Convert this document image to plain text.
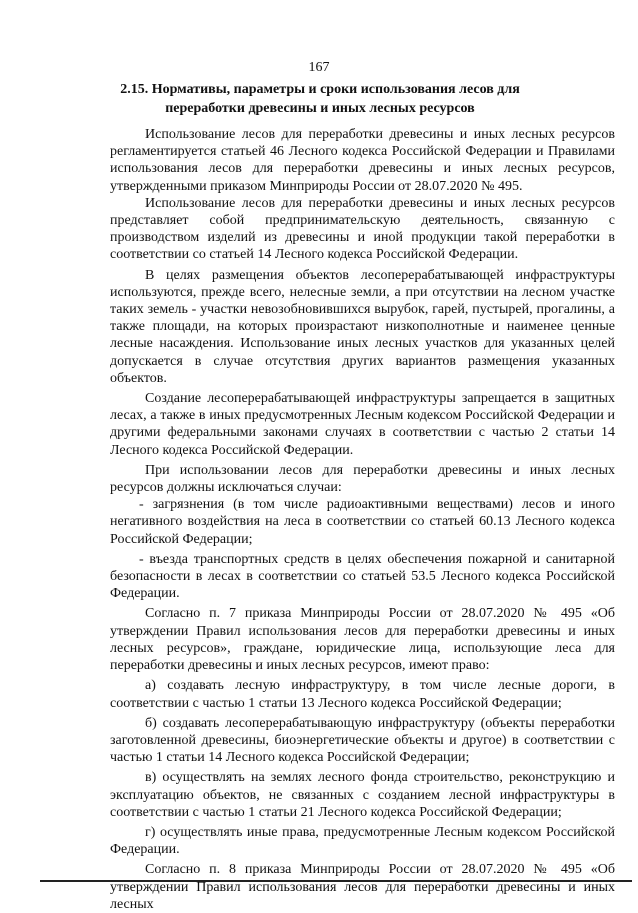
167
2.15. Нормативы, параметры и сроки использования лесов для переработки древесины и иных лесных ресурсов

Использование лесов для переработки древесины и иных лесных ресурсов регламентируется статьей 46 Лесного кодекса Российской Федерации и Правилами использования лесов для переработки древесины и иных лесных ресурсов, утвержденными приказом Минприроды России от 28.07.2020 № 495.

Использование лесов для переработки древесины и иных лесных ресурсов представляет собой предпринимательскую деятельность, связанную с производством изделий из древесины и иной продукции такой переработки в соответствии со статьей 14 Лесного кодекса Российской Федерации.

В целях размещения объектов лесоперерабатывающей инфраструктуры используются, прежде всего, нелесные земли, а при отсутствии на лесном участке таких земель - участки невозобновившихся вырубок, гарей, пустырей, прогалины, а также площади, на которых произрастают низкополнотные и наименее ценные лесные насаждения. Использование иных лесных участков для указанных целей допускается в случае отсутствия других вариантов размещения указанных объектов.

Создание лесоперерабатывающей инфраструктуры запрещается в защитных лесах, а также в иных предусмотренных Лесным кодексом Российской Федерации и другими федеральными законами случаях в соответствии с частью 2 статьи 14 Лесного кодекса Российской Федерации.

При использовании лесов для переработки древесины и иных лесных ресурсов должны исключаться случаи:

- загрязнения (в том числе радиоактивными веществами) лесов и иного негативного воздействия на леса в соответствии со статьей 60.13 Лесного кодекса Российской Федерации;

- въезда транспортных средств в целях обеспечения пожарной и санитарной безопасности в лесах в соответствии со статьей 53.5 Лесного кодекса Российской Федерации.

Согласно п. 7 приказа Минприроды России от 28.07.2020 № 495 «Об утверждении Правил использования лесов для переработки древесины и иных лесных ресурсов», граждане, юридические лица, использующие леса для переработки древесины и иных лесных ресурсов, имеют право:

а) создавать лесную инфраструктуру, в том числе лесные дороги, в соответствии с частью 1 статьи 13 Лесного кодекса Российской Федерации;

б) создавать лесоперерабатывающую инфраструктуру (объекты переработки заготовленной древесины, биоэнергетические объекты и другое) в соответствии с частью 1 статьи 14 Лесного кодекса Российской Федерации;

в) осуществлять на землях лесного фонда строительство, реконструкцию и эксплуатацию объектов, не связанных с созданием лесной инфраструктуры в соответствии с частью 1 статьи 21 Лесного кодекса Российской Федерации;

г) осуществлять иные права, предусмотренные Лесным кодексом Российской Федерации.

Согласно п. 8 приказа Минприроды России от 28.07.2020 № 495 «Об утверждении Правил использования лесов для переработки древесины и иных лесных
